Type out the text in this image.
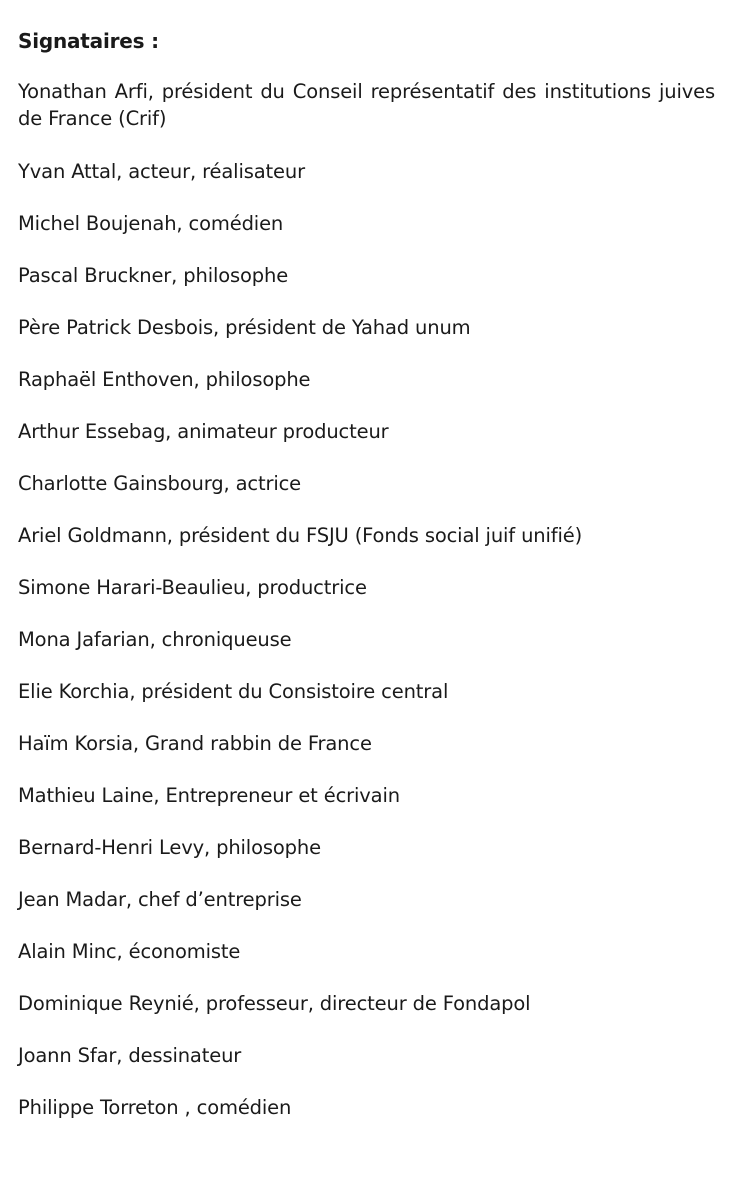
Signataires :
Yonathan Arfi, président du Conseil représentatif des institutions juives de France (Crif)
Yvan Attal, acteur, réalisateur
Michel Boujenah, comédien
Pascal Bruckner, philosophe
Père Patrick Desbois, président de Yahad unum
Raphaël Enthoven, philosophe
Arthur Essebag, animateur producteur
Charlotte Gainsbourg, actrice
Ariel Goldmann, président du FSJU (Fonds social juif unifié)
Simone Harari-Beaulieu, productrice
Mona Jafarian, chroniqueuse
Elie Korchia, président du Consistoire central
Haïm Korsia, Grand rabbin de France
Mathieu Laine, Entrepreneur et écrivain
Bernard-Henri Levy, philosophe
Jean Madar, chef d’entreprise
Alain Minc, économiste
Dominique Reynié, professeur, directeur de Fondapol
Joann Sfar, dessinateur
Philippe Torreton , comédien
